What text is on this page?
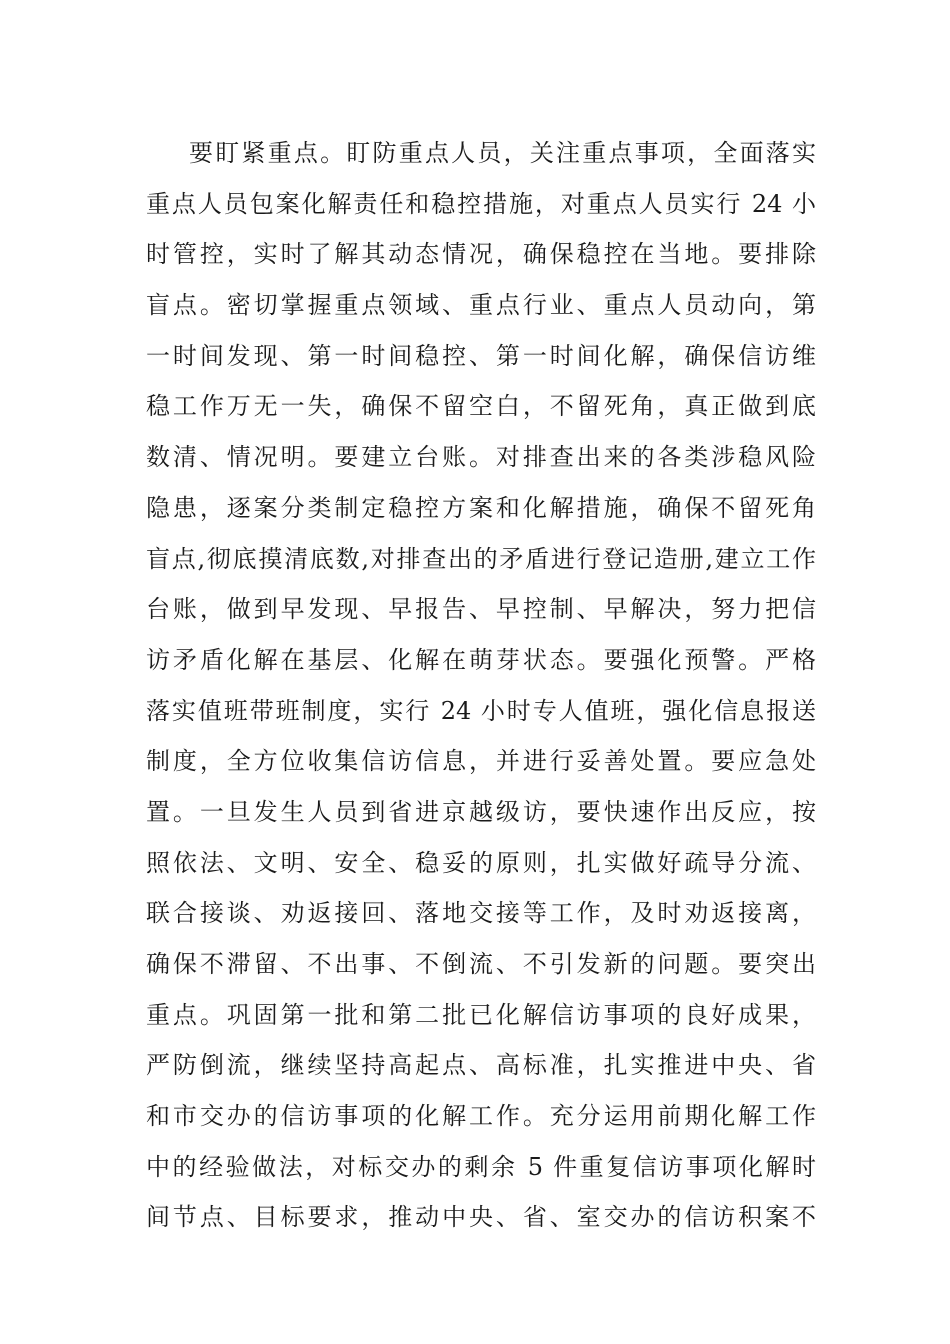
要盯紧重点。盯防重点人员，关注重点事项，全面落实
重点人员包案化解责任和稳控措施，对重点人员实行 24 小
时管控，实时了解其动态情况，确保稳控在当地。要排除
盲点。密切掌握重点领域、重点行业、重点人员动向，第
一时间发现、第一时间稳控、第一时间化解，确保信访维
稳工作万无一失，确保不留空白，不留死角，真正做到底
数清、情况明。要建立台账。对排查出来的各类涉稳风险
隐患，逐案分类制定稳控方案和化解措施，确保不留死角
盲点,彻底摸清底数,对排查出的矛盾进行登记造册,建立工作
台账，做到早发现、早报告、早控制、早解决，努力把信
访矛盾化解在基层、化解在萌芽状态。要强化预警。严格
落实值班带班制度，实行 24 小时专人值班，强化信息报送
制度，全方位收集信访信息，并进行妥善处置。要应急处
置。一旦发生人员到省进京越级访，要快速作出反应，按
照依法、文明、安全、稳妥的原则，扎实做好疏导分流、
联合接谈、劝返接回、落地交接等工作，及时劝返接离，
确保不滞留、不出事、不倒流、不引发新的问题。要突出
重点。巩固第一批和第二批已化解信访事项的良好成果，
严防倒流，继续坚持高起点、高标准，扎实推进中央、省
和市交办的信访事项的化解工作。充分运用前期化解工作
中的经验做法，对标交办的剩余 5 件重复信访事项化解时
间节点、目标要求，推动中央、省、室交办的信访积案不
